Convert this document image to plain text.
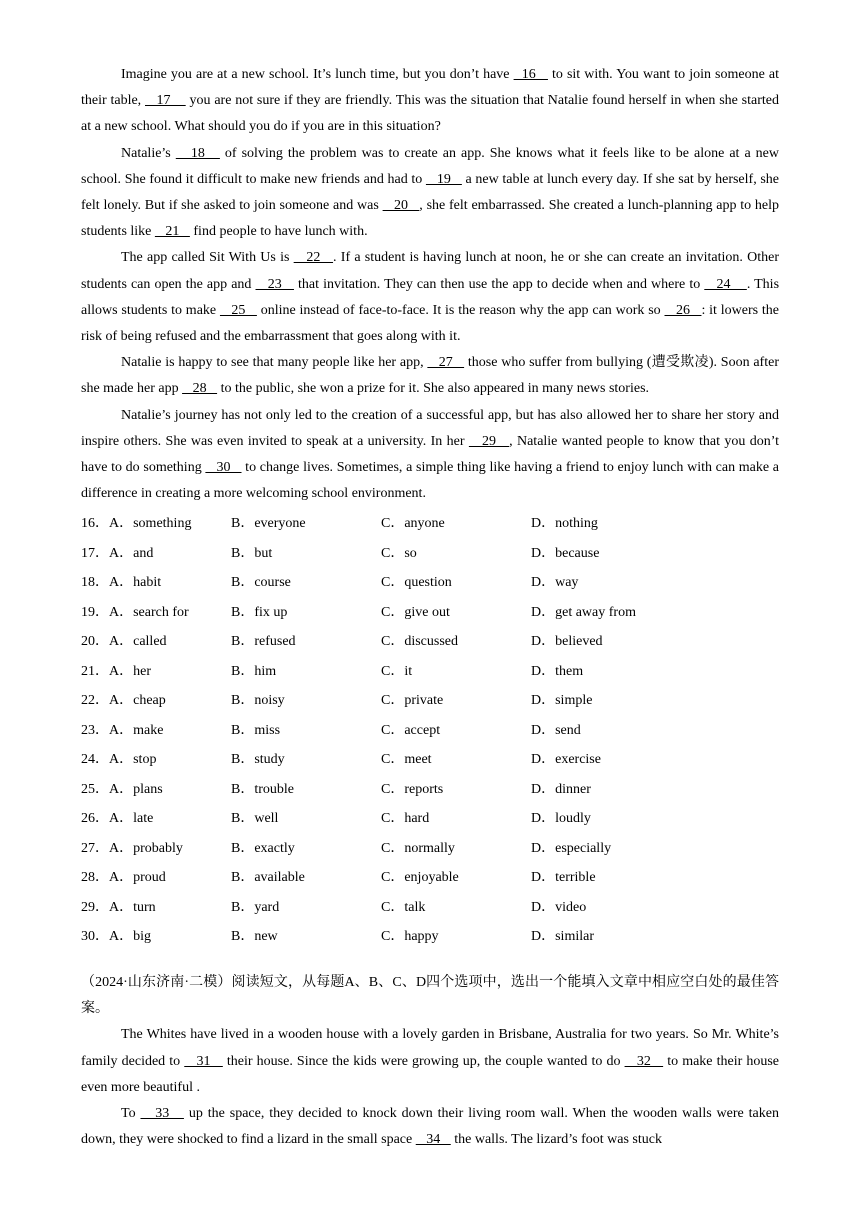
Imagine you are at a new school. It’s lunch time, but you don’t have   16    to sit with. You want to join someone at their table,    17     you are not sure if they are friendly. This was the situation that Natalie found herself in when she started at a new school. What should you do if you are in this situation?

Natalie’s    18    of solving the problem was to create an app. She knows what it feels like to be alone at a new school. She found it difficult to make new friends and had to    19    a new table at lunch every day. If she sat by herself, she felt lonely. But if she asked to join someone and was    20   , she felt embarrassed. She created a lunch-planning app to help students like    21    find people to have lunch with.

The app called Sit With Us is    22   . If a student is having lunch at noon, he or she can create an invitation. Other students can open the app and    23    that invitation. They can then use the app to decide when and where to    24    . This allows students to make    25    online instead of face-to-face. It is the reason why the app can work so    26   : it lowers the risk of being refused and the embarrassment that goes along with it.

Natalie is happy to see that many people like her app,    27    those who suffer from bullying (遭受欺凌). Soon after she made her app    28    to the public, she won a prize for it. She also appeared in many news stories.

Natalie’s journey has not only led to the creation of a successful app, but has also allowed her to share her story and inspire others. She was even invited to speak at a university. In her    29   , Natalie wanted people to know that you don’t have to do something    30    to change lives. Sometimes, a simple thing like having a friend to enjoy lunch with can make a difference in creating a more welcoming school environment.

16．A．something	B．everyone	C．anyone	D．nothing
17．A．and	B．but	C．so	D．because
18．A．habit	B．course	C．question	D．way
19．A．search for	B．fix up	C．give out	D．get away from
20．A．called	B．refused	C．discussed	D．believed
21．A．her	B．him	C．it	D．them
22．A．cheap	B．noisy	C．private	D．simple
23．A．make	B．miss	C．accept	D．send
24．A．stop	B．study	C．meet	D．exercise
25．A．plans	B．trouble	C．reports	D．dinner
26．A．late	B．well	C．hard	D．loudly
27．A．probably	B．exactly	C．normally	D．especially
28．A．proud	B．available	C．enjoyable	D．terrible
29．A．turn	B．yard	C．talk	D．video
30．A．big	B．new	C．happy	D．similar

（2024·山东济南·二模）阅读短文，从每题A、B、C、D四个选项中，选出一个能填入文章中相应空白处的最佳答案。

The Whites have lived in a wooden house with a lovely garden in Brisbane, Australia for two years. So Mr. White’s family decided to    31    their house. Since the kids were growing up, the couple wanted to do    32    to make their house even more beautiful .

To    33    up the space, they decided to knock down their living room wall. When the wooden walls were taken down, they were shocked to find a lizard in the small space    34    the walls. The lizard’s foot was stuck
